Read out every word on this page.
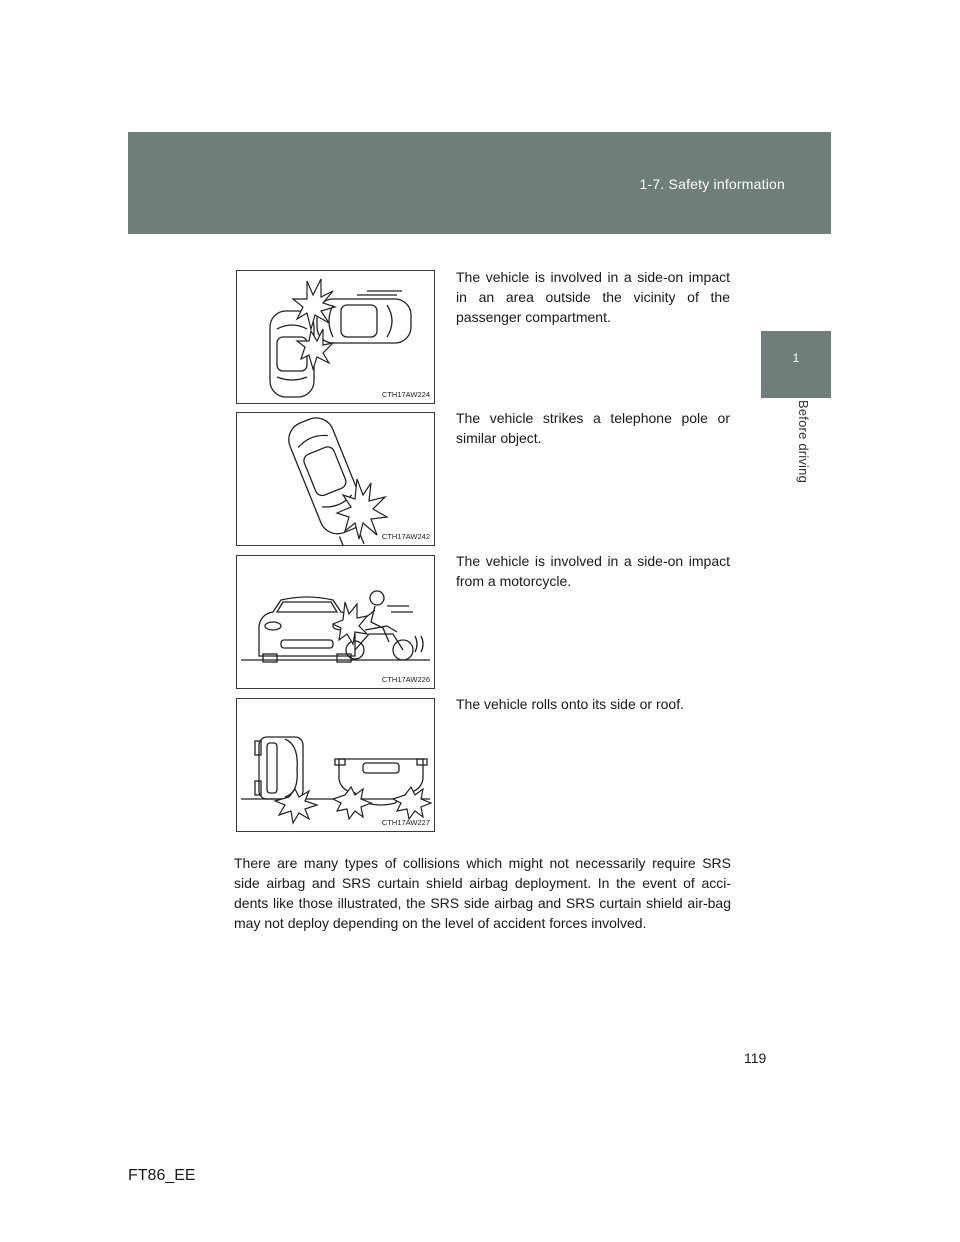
1-7. Safety information
1
Before driving
CTH17AW224
The vehicle is involved in a side-on impact in an area outside the vicinity of the passenger compartment.
CTH17AW242
The vehicle strikes a telephone pole or similar object.
CTH17AW226
The vehicle is involved in a side-on impact from a motorcycle.
CTH17AW227
The vehicle rolls onto its side or roof.
There are many types of collisions which might not necessarily require SRS side airbag and SRS curtain shield airbag deployment. In the event of acci-dents like those illustrated, the SRS side airbag and SRS curtain shield air-bag may not deploy depending on the level of accident forces involved.
119
FT86_EE
